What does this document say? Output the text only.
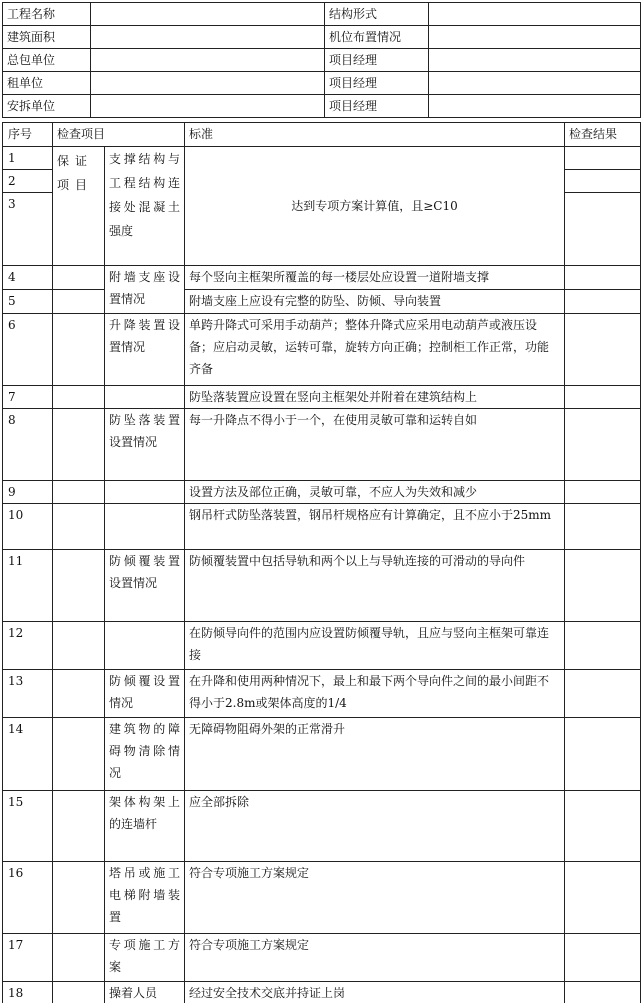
工程名称		结构形式	
建筑面积		机位布置情况	
总包单位		项目经理	
租单位		项目经理	
安拆单位		项目经理	
序号	检查项目		标准	检查结果
1	保证项目	支撑结构与工程结构连接处混凝土强度	达到专项方案计算值，且≥C10	
2				
3				
4		附墙支座设置情况	每个竖向主框架所覆盖的每一楼层处应设置一道附墙支撑	
5			附墙支座上应设有完整的防坠、防倾、导向装置	
6		升降装置设置情况	单跨升降式可采用手动葫芦；整体升降式应采用电动葫芦或液压设备；应启动灵敏，运转可靠，旋转方向正确；控制柜工作正常，功能齐备	
7			防坠落装置应设置在竖向主框架处并附着在建筑结构上	
8		防坠落装置设置情况	每一升降点不得小于一个，在使用灵敏可靠和运转自如	
9			设置方法及部位正确，灵敏可靠，不应人为失效和减少	
10			钢吊杆式防坠落装置，钢吊杆规格应有计算确定，且不应小于25mm	
11		防倾覆装置设置情况	防倾覆装置中包括导轨和两个以上与导轨连接的可滑动的导向件	
12			在防倾导向件的范围内应设置防倾覆导轨，且应与竖向主框架可靠连接	
13		防倾覆设置情况	在升降和使用两种情况下，最上和最下两个导向件之间的最小间距不得小于2.8m或架体高度的1/4	
14		建筑物的障碍物清除情况	无障碍物阻碍外架的正常滑升	
15		架体构架上的连墙杆	应全部拆除	
16		塔吊或施工电梯附墙装置	符合专项施工方案规定	
17		专项施工方案	符合专项施工方案规定	
18		操着人员	经过安全技术交底并持证上岗	
